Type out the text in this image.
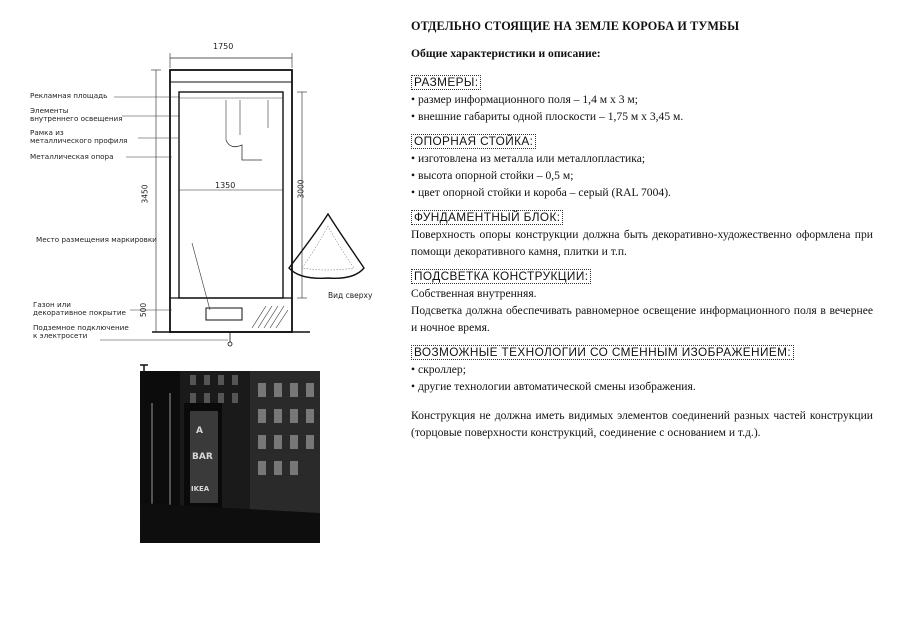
1750
1350
3450	3000
500
Рекламная площадь
Элементы
внутреннего освещения
Рамка из
металлического профиля
Металлическая опора
Место размещения маркировки
Газон или
декоративное покрытие
Подземное подключение
к электросети
Вид сверху
A
BAR
IKEA
ОТДЕЛЬНО СТОЯЩИЕ НА ЗЕМЛЕ КОРОБА И ТУМБЫ
Общие характеристики и описание:
РАЗМЕРЫ:
• размер информационного поля – 1,4 м х 3 м;
• внешние габариты одной плоскости – 1,75 м х 3,45 м.
ОПОРНАЯ СТОЙКА:
• изготовлена из металла или металлопластика;
• высота опорной стойки – 0,5 м;
• цвет опорной стойки и короба – серый (RAL 7004).
ФУНДАМЕНТНЫЙ БЛОК:

Поверхность опоры конструкции должна быть декоративно-художественно оформлена при помощи декоративного камня, плитки и т.п.

ПОДСВЕТКА КОНСТРУКЦИИ:

Собственная внутренняя.

Подсветка должна обеспечивать равномерное освещение информационного поля в вечернее и ночное время.

ВОЗМОЖНЫЕ ТЕХНОЛОГИИ СО СМЕННЫМ ИЗОБРАЖЕНИЕМ:
• скроллер;
• другие технологии автоматической смены изображения.

Конструкция не должна иметь видимых элементов соединений разных частей конструкции (торцовые поверхности конструкций, соединение с основанием и т.д.).
